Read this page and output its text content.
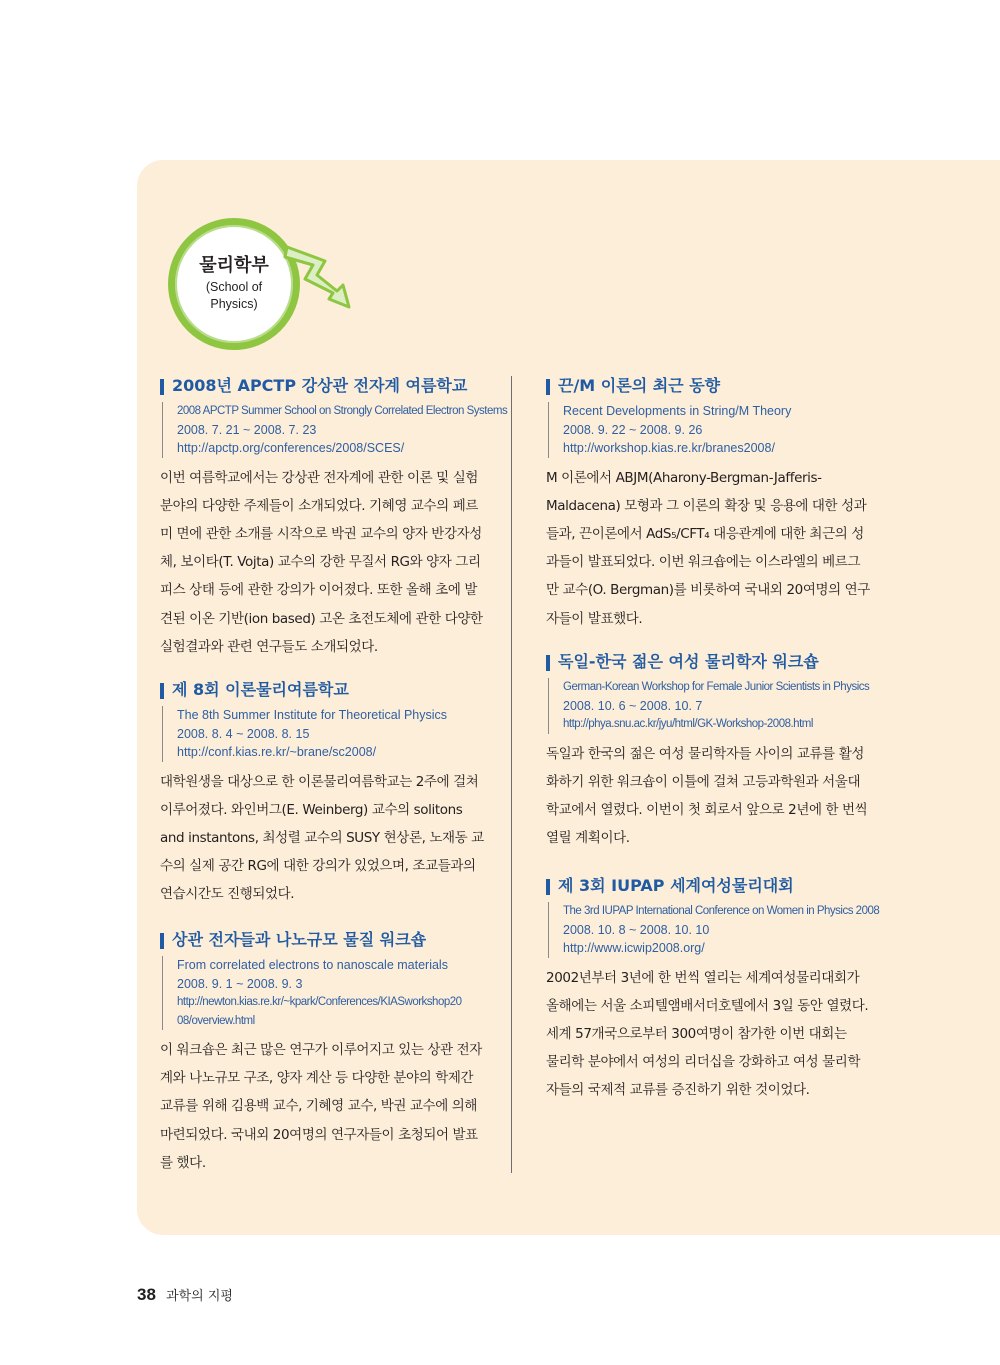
물리학부
(School of
Physics)
2008년 APCTP 강상관 전자계 여름학교
2008 APCTP Summer School on Strongly Correlated Electron Systems
2008. 7. 21 ~ 2008. 7. 23
http://apctp.org/conferences/2008/SCES/
이번 여름학교에서는 강상관 전자계에 관한 이론 및 실험
분야의 다양한 주제들이 소개되었다. 기혜영 교수의 페르
미 면에 관한 소개를 시작으로 박권 교수의 양자 반강자성
체, 보이타(T. Vojta) 교수의 강한 무질서 RG와 양자 그리
피스 상태 등에 관한 강의가 이어졌다. 또한 올해 초에 발
견된 이온 기반(ion based) 고온 초전도체에 관한 다양한
실험결과와 관련 연구들도 소개되었다.
제 8회 이론물리여름학교
The 8th Summer Institute for Theoretical Physics
2008. 8. 4 ~ 2008. 8. 15
http://conf.kias.re.kr/~brane/sc2008/
대학원생을 대상으로 한 이론물리여름학교는 2주에 걸쳐
이루어졌다. 와인버그(E. Weinberg) 교수의 solitons
and instantons, 최성렬 교수의 SUSY 현상론, 노재동 교
수의 실제 공간 RG에 대한 강의가 있었으며, 조교들과의
연습시간도 진행되었다.
상관 전자들과 나노규모 물질 워크숍
From correlated electrons to nanoscale materials
2008. 9. 1 ~ 2008. 9. 3
http://newton.kias.re.kr/~kpark/Conferences/KIASworkshop20
08/overview.html
이 워크숍은 최근 많은 연구가 이루어지고 있는 상관 전자
계와 나노규모 구조, 양자 계산 등 다양한 분야의 학제간
교류를 위해 김용백 교수, 기혜영 교수, 박권 교수에 의해
마련되었다. 국내외 20여명의 연구자들이 초청되어 발표
를 했다.
끈/M 이론의 최근 동향
Recent Developments in String/M Theory
2008. 9. 22 ~ 2008. 9. 26
http://workshop.kias.re.kr/branes2008/
M 이론에서 ABJM(Aharony-Bergman-Jafferis-
Maldacena) 모형과 그 이론의 확장 및 응용에 대한 성과
들과, 끈이론에서 AdS₅/CFT₄ 대응관계에 대한 최근의 성
과들이 발표되었다. 이번 워크숍에는 이스라엘의 베르그
만 교수(O. Bergman)를 비롯하여 국내외 20여명의 연구
자들이 발표했다.
독일-한국 젊은 여성 물리학자 워크숍
German-Korean Workshop for Female Junior Scientists in Physics
2008. 10. 6 ~ 2008. 10. 7
http://phya.snu.ac.kr/jyu/html/GK-Workshop-2008.html
독일과 한국의 젊은 여성 물리학자들 사이의 교류를 활성
화하기 위한 워크숍이 이틀에 걸쳐 고등과학원과 서울대
학교에서 열렸다. 이번이 첫 회로서 앞으로 2년에 한 번씩
열릴 계획이다.
제 3회 IUPAP 세계여성물리대회
The 3rd IUPAP International Conference on Women in Physics 2008
2008. 10. 8 ~ 2008. 10. 10
http://www.icwip2008.org/
2002년부터 3년에 한 번씩 열리는 세계여성물리대회가
올해에는 서울 소피텔앰배서더호텔에서 3일 동안 열렸다.
세계 57개국으로부터 300여명이 참가한 이번 대회는
물리학 분야에서 여성의 리더십을 강화하고 여성 물리학
자들의 국제적 교류를 증진하기 위한 것이었다.
38 과학의 지평
